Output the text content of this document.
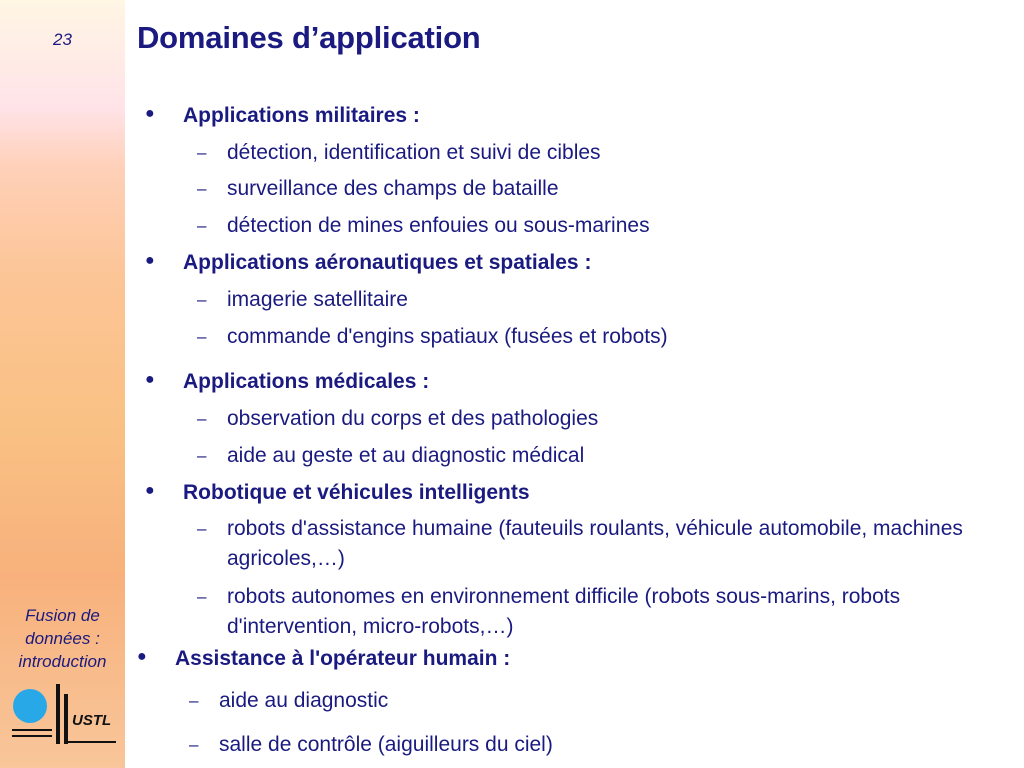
23
Fusion de
données :
introduction
USTL
Domaines d’application
● Applications militaires :
– détection, identification et suivi de cibles
– surveillance des champs de bataille
– détection de mines enfouies ou sous-marines
● Applications aéronautiques et spatiales :
– imagerie satellitaire
– commande d'engins spatiaux (fusées et robots)
● Applications médicales :
– observation du corps et des pathologies
– aide au geste et au diagnostic médical
● Robotique et véhicules intelligents
– robots d'assistance humaine (fauteuils roulants, véhicule automobile, machines agricoles,…)
– robots autonomes en environnement difficile (robots sous-marins, robots d'intervention, micro-robots,…)
● Assistance à l'opérateur humain :
– aide au diagnostic
– salle de contrôle (aiguilleurs du ciel)
